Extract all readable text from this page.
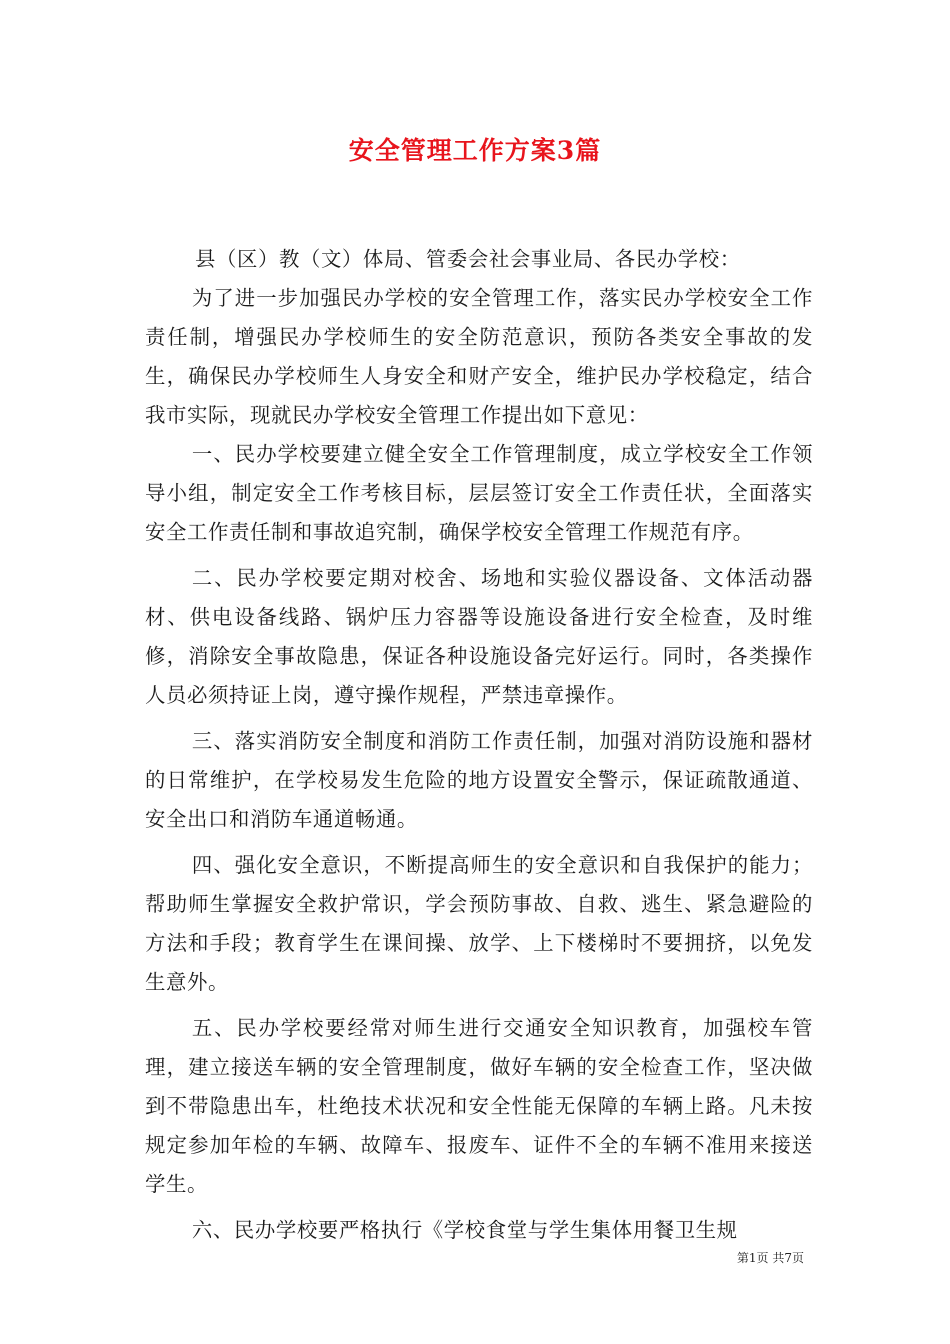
安全管理工作方案3篇
县（区）教（文）体局、管委会社会事业局、各民办学校：

为了进一步加强民办学校的安全管理工作，落实民办学校安全工作责任制，增强民办学校师生的安全防范意识，预防各类安全事故的发生，确保民办学校师生人身安全和财产安全，维护民办学校稳定，结合我市实际，现就民办学校安全管理工作提出如下意见：

一、民办学校要建立健全安全工作管理制度，成立学校安全工作领导小组，制定安全工作考核目标，层层签订安全工作责任状，全面落实安全工作责任制和事故追究制，确保学校安全管理工作规范有序。

二、民办学校要定期对校舍、场地和实验仪器设备、文体活动器材、供电设备线路、锅炉压力容器等设施设备进行安全检查，及时维修，消除安全事故隐患，保证各种设施设备完好运行。同时，各类操作人员必须持证上岗，遵守操作规程，严禁违章操作。

三、落实消防安全制度和消防工作责任制，加强对消防设施和器材的日常维护，在学校易发生危险的地方设置安全警示，保证疏散通道、安全出口和消防车通道畅通。

四、强化安全意识，不断提高师生的安全意识和自我保护的能力；帮助师生掌握安全救护常识，学会预防事故、自救、逃生、紧急避险的方法和手段；教育学生在课间操、放学、上下楼梯时不要拥挤，以免发生意外。

五、民办学校要经常对师生进行交通安全知识教育，加强校车管理，建立接送车辆的安全管理制度，做好车辆的安全检查工作，坚决做到不带隐患出车，杜绝技术状况和安全性能无保障的车辆上路。凡未按规定参加年检的车辆、故障车、报废车、证件不全的车辆不准用来接送学生。

六、民办学校要严格执行《学校食堂与学生集体用餐卫生规

第1页 共7页
